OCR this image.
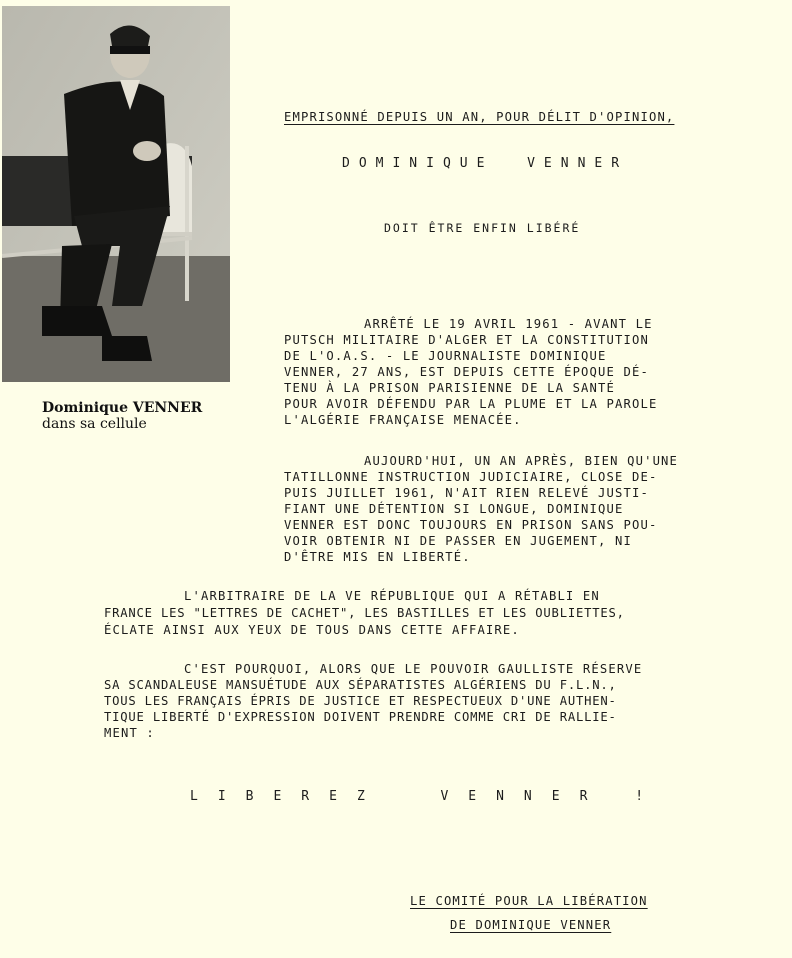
Dominique VENNER
dans sa cellule
EMPRISONNÉ DEPUIS UN AN, POUR DÉLIT D'OPINION,
DOMINIQUE  VENNER
DOIT ÊTRE ENFIN LIBÉRÉ
ARRÊTÉ LE 19 AVRIL 1961 - AVANT LE
PUTSCH MILITAIRE D'ALGER ET LA CONSTITUTION
DE L'O.A.S. - LE JOURNALISTE DOMINIQUE
VENNER, 27 ANS, EST DEPUIS CETTE ÉPOQUE DÉ-
TENU À LA PRISON PARISIENNE DE LA SANTÉ
POUR AVOIR DÉFENDU PAR LA PLUME ET LA PAROLE
L'ALGÉRIE FRANÇAISE MENACÉE.
AUJOURD'HUI, UN AN APRÈS, BIEN QU'UNE
TATILLONNE INSTRUCTION JUDICIAIRE, CLOSE DE-
PUIS JUILLET 1961, N'AIT RIEN RELEVÉ JUSTI-
FIANT UNE DÉTENTION SI LONGUE, DOMINIQUE
VENNER EST DONC TOUJOURS EN PRISON SANS POU-
VOIR OBTENIR NI DE PASSER EN JUGEMENT, NI
D'ÊTRE MIS EN LIBERTÉ.
L'ARBITRAIRE DE LA VE RÉPUBLIQUE QUI A RÉTABLI EN
FRANCE LES "LETTRES DE CACHET", LES BASTILLES ET LES OUBLIETTES,
ÉCLATE AINSI AUX YEUX DE TOUS DANS CETTE AFFAIRE.
C'EST POURQUOI, ALORS QUE LE POUVOIR GAULLISTE RÉSERVE
SA SCANDALEUSE MANSUÉTUDE AUX SÉPARATISTES ALGÉRIENS DU F.L.N.,
TOUS LES FRANÇAIS ÉPRIS DE JUSTICE ET RESPECTUEUX D'UNE AUTHEN-
TIQUE LIBERTÉ D'EXPRESSION DOIVENT PRENDRE COMME CRI DE RALLIE-
MENT :
LIBEREZ  VENNER !
LE COMITÉ POUR LA LIBÉRATION
DE DOMINIQUE VENNER
